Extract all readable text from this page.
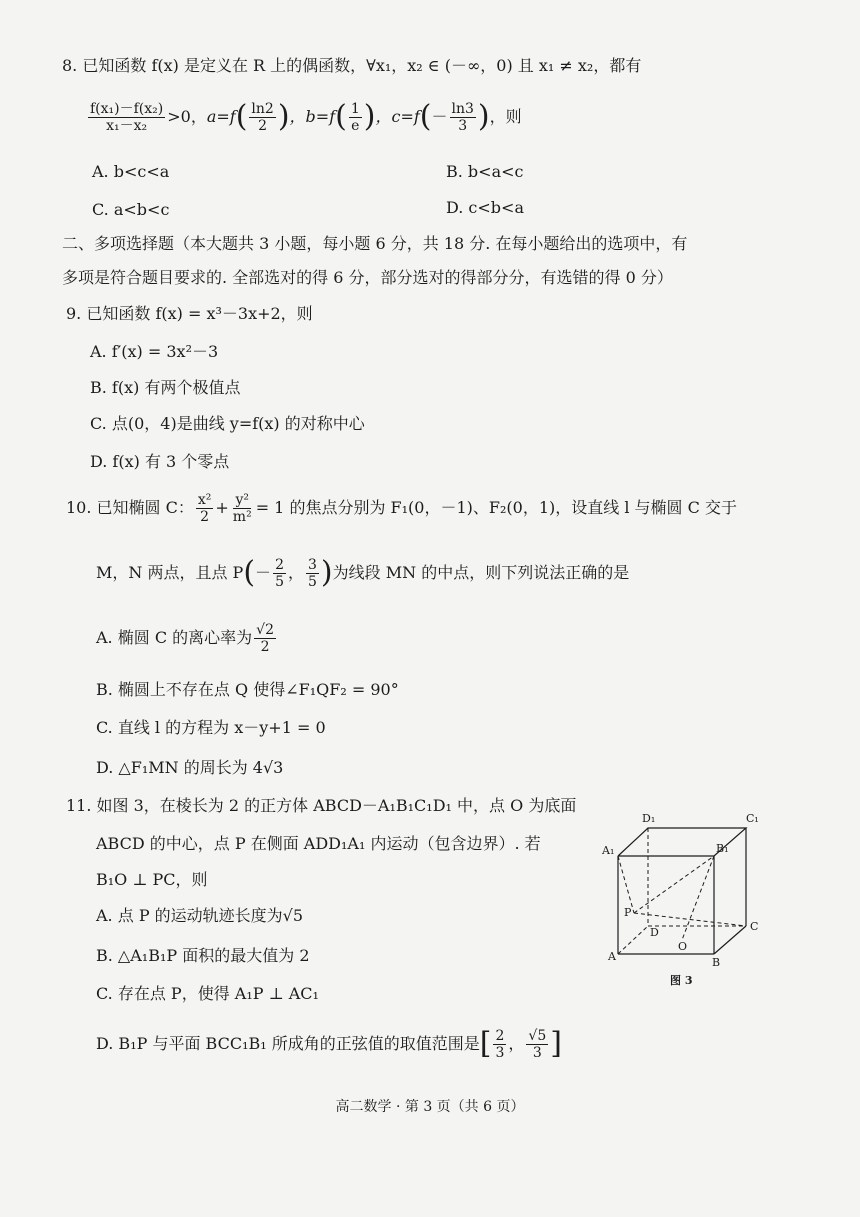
8. 已知函数 f(x) 是定义在 R 上的偶函数，∀x₁，x₂ ∈ (－∞，0) 且 x₁ ≠ x₂，都有
$\frac{\text{f(x₁)－f(x₂)}}{\text{x₁－x₂}} >0$， a=f ( $\frac{\ln 2}{2}$ ) ，b=f ( $\frac{1}{e}$ ) ，c=f ( － $\frac{\ln 3}{3}$ ) ，则
A. b<c<a	B. b<a<c
C. a<b<c	D. c<b<a
二、多项选择题（本大题共 3 小题，每小题 6 分，共 18 分. 在每小题给出的选项中，有
多项是符合题目要求的. 全部选对的得 6 分，部分选对的得部分分，有选错的得 0 分）
9. 已知函数 f(x) = x³－3x+2，则
A. f′(x) = 3x²－3
B. f(x) 有两个极值点
C. 点(0，4)是曲线 y=f(x) 的对称中心
D. f(x) 有 3 个零点
10. 已知椭圆 C： $\frac{\text{x²}}{2} + \frac{\text{y²}}{\text{m²}} = 1$ 的焦点分别为 F₁(0，－1)、F₂(0，1)，设直线 l 与椭圆 C 交于
M，N 两点，且点 P ( － $\frac{2}{5}$ ， $\frac{3}{5}$ ) 为线段 MN 的中点，则下列说法正确的是
A. 椭圆 C 的离心率为 $\frac{√2}{2}$
B. 椭圆上不存在点 Q 使得∠F₁QF₂ = 90°
C. 直线 l 的方程为 x－y+1 = 0
D. △F₁MN 的周长为 4√3
11. 如图 3，在棱长为 2 的正方体 ABCD－A₁B₁C₁D₁ 中，点 O 为底面
ABCD 的中心，点 P 在侧面 ADD₁A₁ 内运动（包含边界）. 若
B₁O ⊥ PC，则
A. 点 P 的运动轨迹长度为√5
B. △A₁B₁P 面积的最大值为 2
C. 存在点 P，使得 A₁P ⊥ AC₁
D. B₁P 与平面 BCC₁B₁ 所成角的正弦值的取值范围是 [ $\frac{2}{3}$ ， $\frac{√5}{3}$ ]
D₁	C₁
A₁	B₁
P
D
O
C
A	B
图 3
高二数学 · 第 3 页（共 6 页）
